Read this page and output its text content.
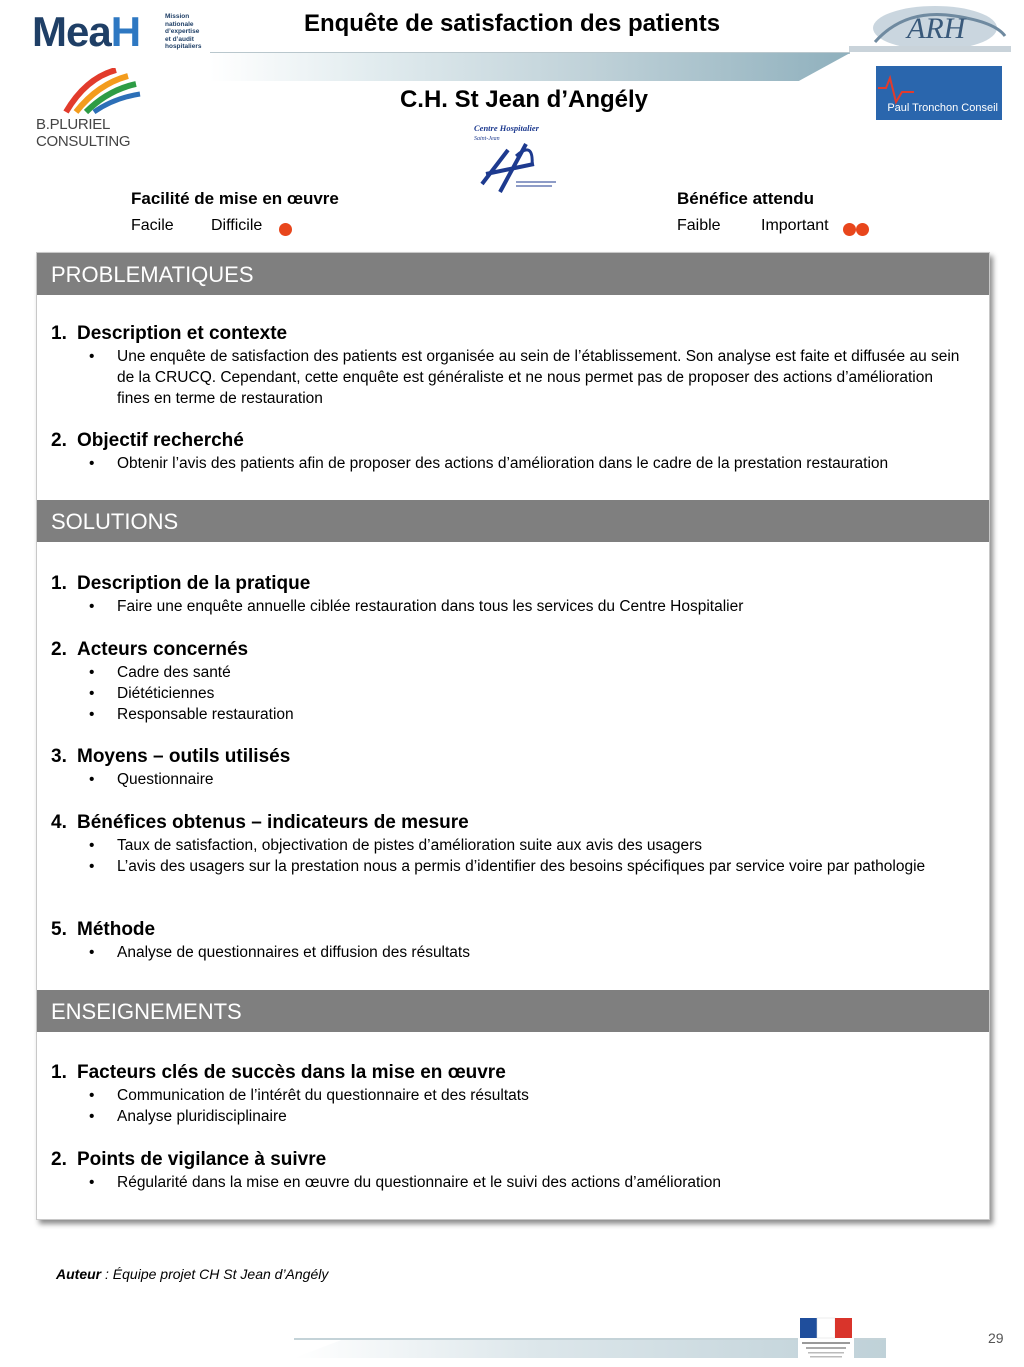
MeaH	Mission
nationale
d’expertise
et d’audit
hospitaliers
Enquête de satisfaction des patients
C.H. St Jean d’Angély
ARH
Paul Tronchon Conseil
B.PLURIEL CONSULTING
Centre Hospitalier
Saint-Jean
Facilité de mise en œuvre
Facile Difficile
Bénéfice attendu
Faible	Important
PROBLEMATIQUES
1. Description et contexte
• Une enquête de satisfaction des patients est organisée au sein de l’établissement. Son analyse est faite et diffusée au sein de la CRUCQ. Cependant, cette enquête est généraliste et ne nous permet pas de proposer des actions d’amélioration fines en terme de restauration
2. Objectif recherché
• Obtenir l’avis des patients afin de proposer des actions d’amélioration dans le cadre de la prestation restauration
SOLUTIONS
1. Description de la pratique
• Faire une enquête annuelle ciblée restauration dans tous les services du Centre Hospitalier
2. Acteurs concernés
• Cadre des santé
• Diététiciennes
• Responsable restauration
3. Moyens – outils utilisés
• Questionnaire
4. Bénéfices obtenus – indicateurs de mesure
• Taux de satisfaction, objectivation de pistes d’amélioration suite aux avis des usagers
• L’avis des usagers sur la prestation nous a permis d’identifier des besoins spécifiques par service voire par pathologie
5. Méthode
• Analyse de questionnaires et diffusion des résultats
ENSEIGNEMENTS
1. Facteurs clés de succès dans la mise en œuvre
• Communication de l’intérêt du questionnaire et des résultats
• Analyse pluridisciplinaire
2. Points de vigilance à suivre
• Régularité dans la mise en œuvre du questionnaire et le suivi des actions d’amélioration
Auteur : Équipe projet CH St Jean d’Angély
29
